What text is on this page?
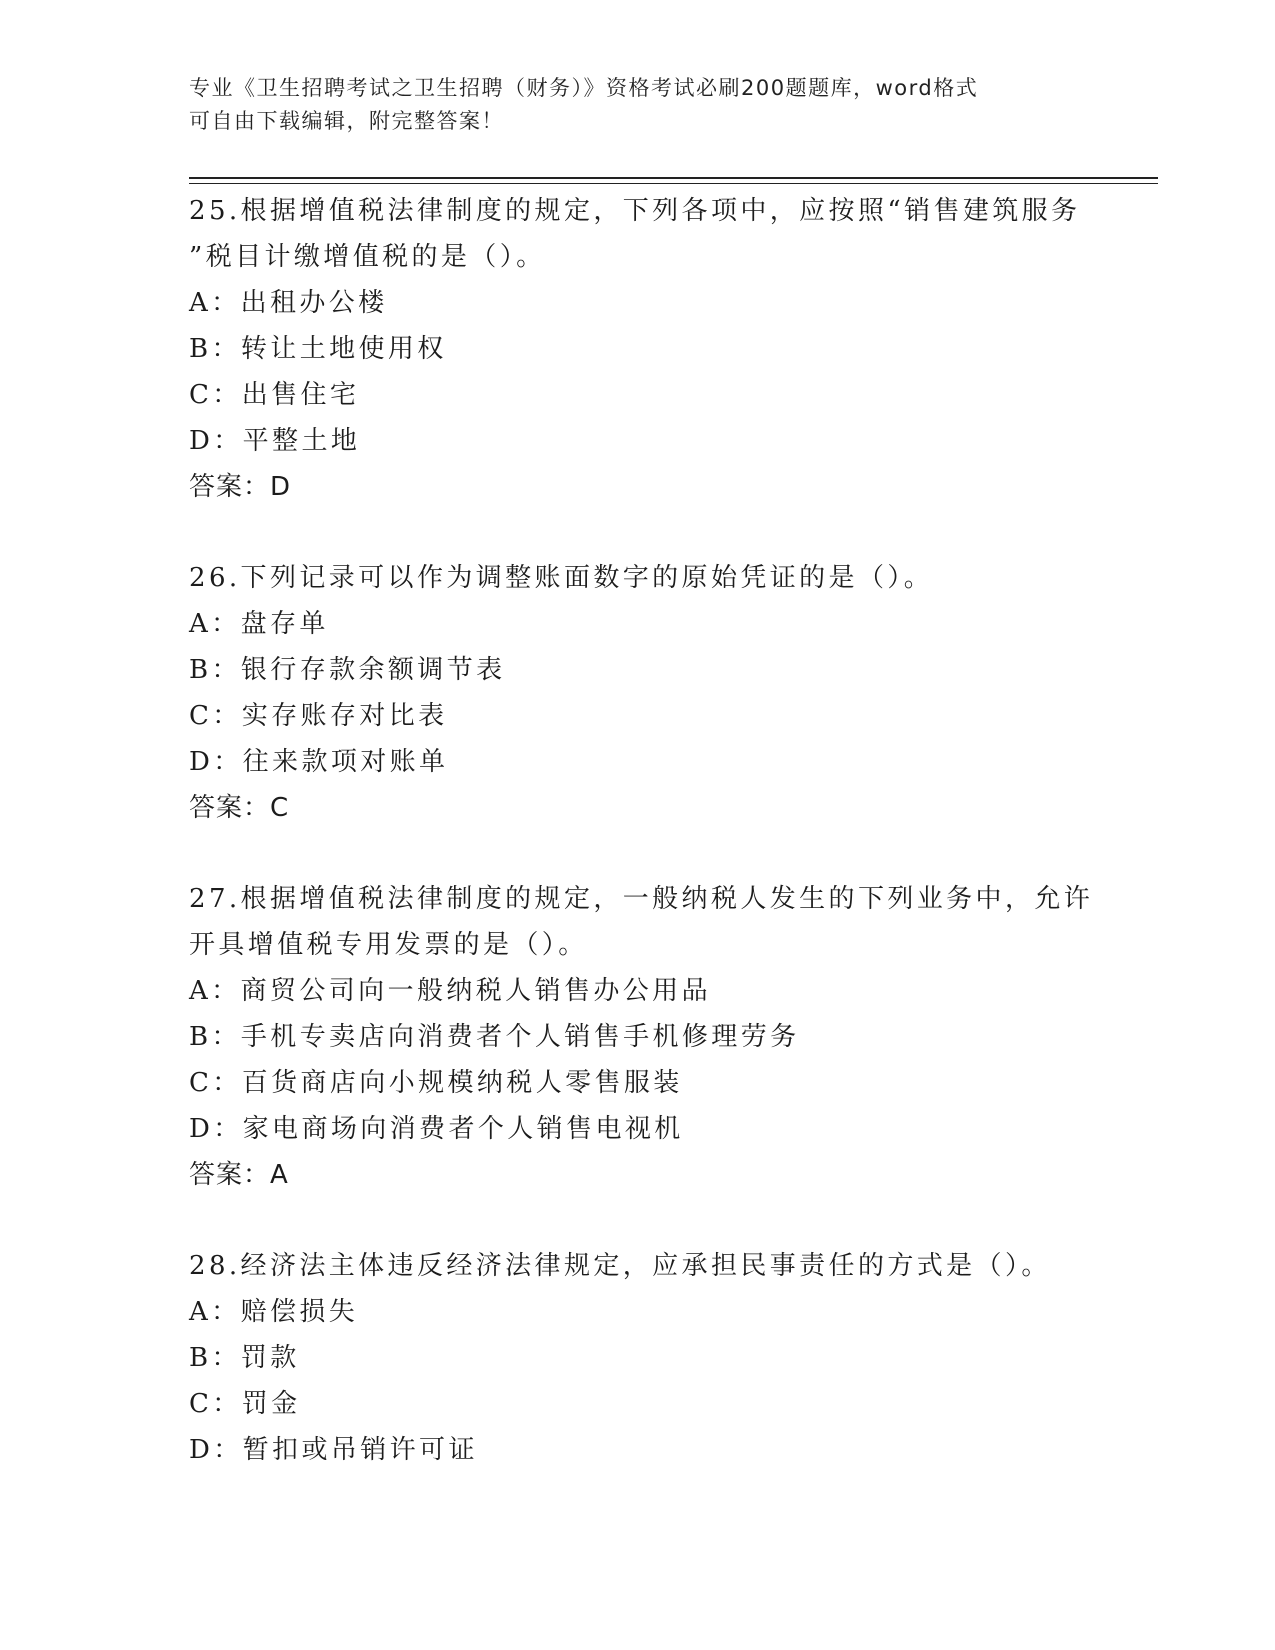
专业《卫生招聘考试之卫生招聘（财务）》资格考试必刷200题题库，word格式
可自由下载编辑，附完整答案！
25.根据增值税法律制度的规定，下列各项中，应按照“销售建筑服务
”税目计缴增值税的是（）。
A：出租办公楼
B：转让土地使用权
C：出售住宅
D：平整土地
答案：D
26.下列记录可以作为调整账面数字的原始凭证的是（）。
A：盘存单
B：银行存款余额调节表
C：实存账存对比表
D：往来款项对账单
答案：C
27.根据增值税法律制度的规定，一般纳税人发生的下列业务中，允许
开具增值税专用发票的是（）。
A：商贸公司向一般纳税人销售办公用品
B：手机专卖店向消费者个人销售手机修理劳务
C：百货商店向小规模纳税人零售服装
D：家电商场向消费者个人销售电视机
答案：A
28.经济法主体违反经济法律规定，应承担民事责任的方式是（）。
A：赔偿损失
B：罚款
C：罚金
D：暂扣或吊销许可证
